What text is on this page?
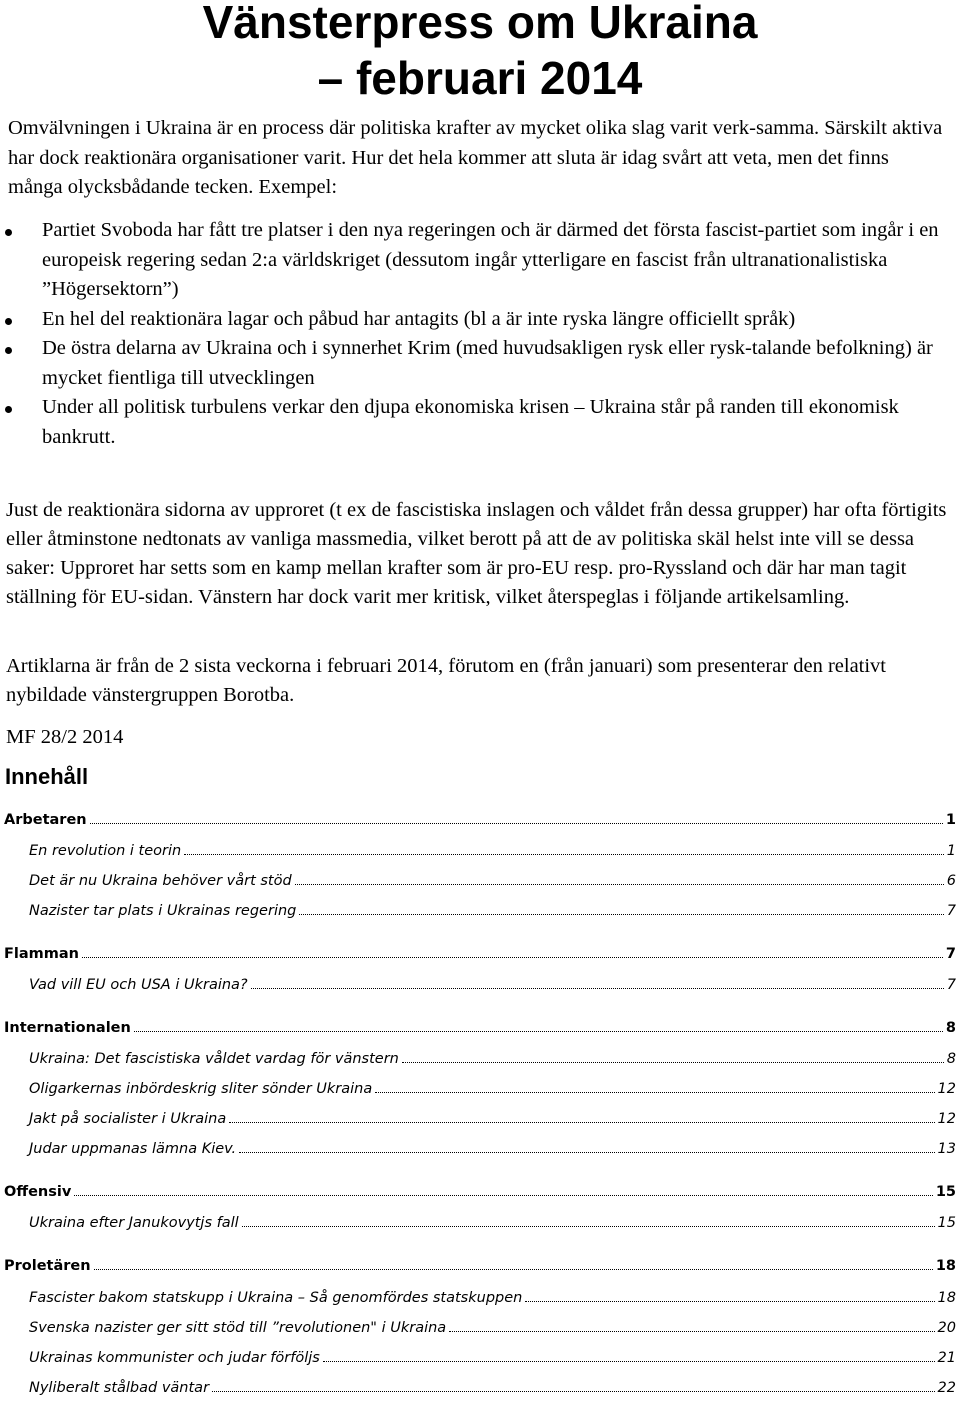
Vänsterpress om Ukraina
– februari 2014

Omvälvningen i Ukraina är en process där politiska krafter av mycket olika slag varit verk-samma. Särskilt aktiva har dock reaktionära organisationer varit. Hur det hela kommer att sluta är idag svårt att veta, men det finns många olycksbådande tecken. Exempel:

Partiet Svoboda har fått tre platser i den nya regeringen och är därmed det första fascist-partiet som ingår i en europeisk regering sedan 2:a världskriget (dessutom ingår ytterligare en fascist från ultranationalistiska ”Högersektorn”)
En hel del reaktionära lagar och påbud har antagits (bl a är inte ryska längre officiellt språk)
De östra delarna av Ukraina och i synnerhet Krim (med huvudsakligen rysk eller rysk-talande befolkning) är mycket fientliga till utvecklingen
Under all politisk turbulens verkar den djupa ekonomiska krisen – Ukraina står på randen till ekonomisk bankrutt.

Just de reaktionära sidorna av upproret (t ex de fascistiska inslagen och våldet från dessa grupper) har ofta förtigits eller åtminstone nedtonats av vanliga massmedia, vilket berott på att de av politiska skäl helst inte vill se dessa saker: Upproret har setts som en kamp mellan krafter som är pro-EU resp. pro-Ryssland och där har man tagit ställning för EU-sidan. Vänstern har dock varit mer kritisk, vilket återspeglas i följande artikelsamling.

Artiklarna är från de 2 sista veckorna i februari 2014, förutom en (från januari) som presenterar den relativt nybildade vänstergruppen Borotba.

MF 28/2 2014

Innehåll
Arbetaren	1
En revolution i teorin	1
Det är nu Ukraina behöver vårt stöd	6
Nazister tar plats i Ukrainas regering	7
Flamman	7
Vad vill EU och USA i Ukraina?	7
Internationalen	8
Ukraina: Det fascistiska våldet vardag för vänstern	8
Oligarkernas inbördeskrig sliter sönder Ukraina	12
Jakt på socialister i Ukraina	12
Judar uppmanas lämna Kiev.	13
Offensiv	15
Ukraina efter Janukovytjs fall	15
Proletären	18
Fascister bakom statskupp i Ukraina – Så genomfördes statskuppen	18
Svenska nazister ger sitt stöd till ”revolutionen" i Ukraina	20
Ukrainas kommunister och judar förföljs	21
Nyliberalt stålbad väntar	22
